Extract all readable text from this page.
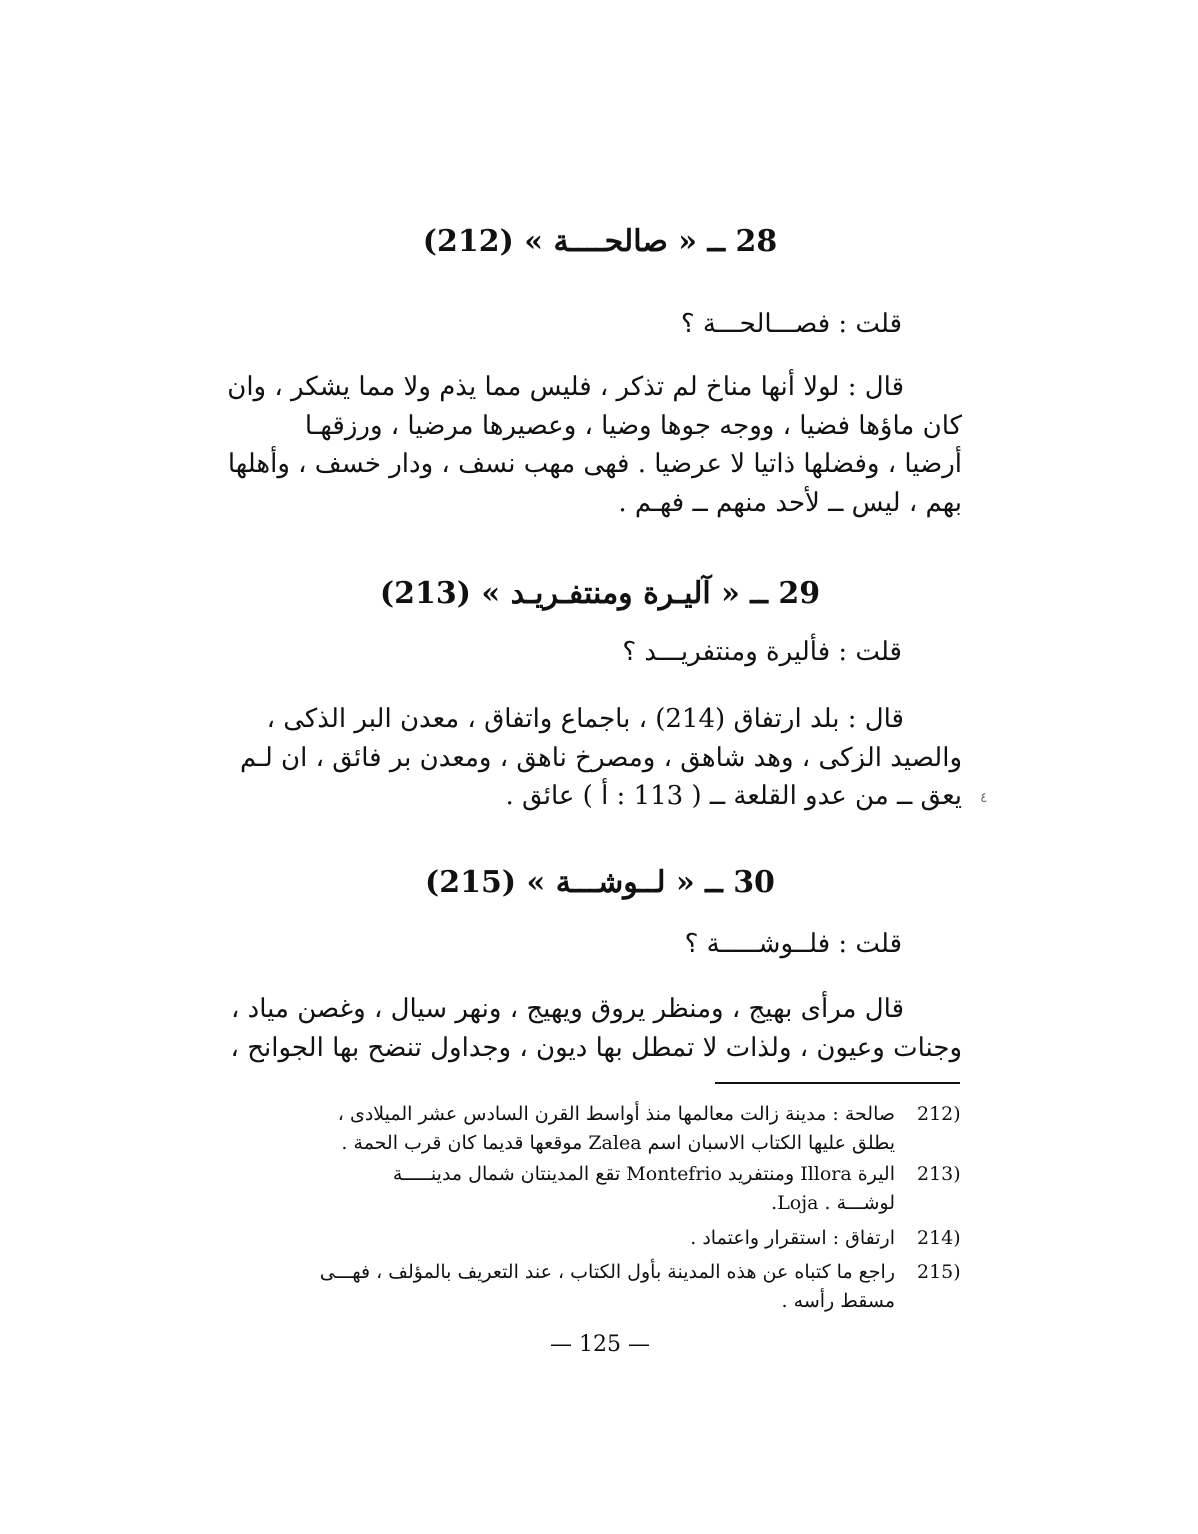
28 ــ « صالحــــة » (212)
قلت : فصـــالحـــة ؟
قال : لولا أنها مناخ لم تذكر ، فليس مما يذم ولا مما يشكر ، وان
كان ماؤها فضيا ، ووجه جوها وضيا ، وعصيرها مرضيا ، ورزقهـا
أرضيا ، وفضلها ذاتيا لا عرضيا . فهى مهب نسف ، ودار خسف ، وأهلها
بهم ، ليس ــ لأحد منهم ــ فهـم .
29 ــ « آليـرة ومنتفـريـد » (213)
قلت : فأليرة ومنتفريـــد ؟
قال : بلد ارتفاق (214) ، باجماع واتفاق ، معدن البر الذكى ،
والصيد الزكى ، وهد شاهق ، ومصرخ ناهق ، ومعدن بر فائق ، ان لـم
يعق ــ من عدو القلعة ــ ( 113 : أ ) عائق . ٤
30 ــ « لــوشـــة » (215)
قلت : فلــوشـــــة ؟
قال مرأى بهيج ، ومنظر يروق ويهيج ، ونهر سيال ، وغصن مياد ،
وجنات وعيون ، ولذات لا تمطل بها ديون ، وجداول تنضح بها الجوانح ،
212)
صالحة : مدينة زالت معالمها منذ أواسط القرن السادس عشر الميلادى ،
يطلق عليها الكتاب الاسبان اسم Zalea موقعها قديما كان قرب الحمة .
213)
اليرة Illora ومنتفريد Montefrio تقع المدينتان شمال مدينـــــة
لوشـــة . Loja.
214)
ارتفاق : استقرار واعتماد .
215)
راجع ما كتباه عن هذه المدينة بأول الكتاب ، عند التعريف بالمؤلف ، فهـــى
مسقط رأسه .
— 125 —
